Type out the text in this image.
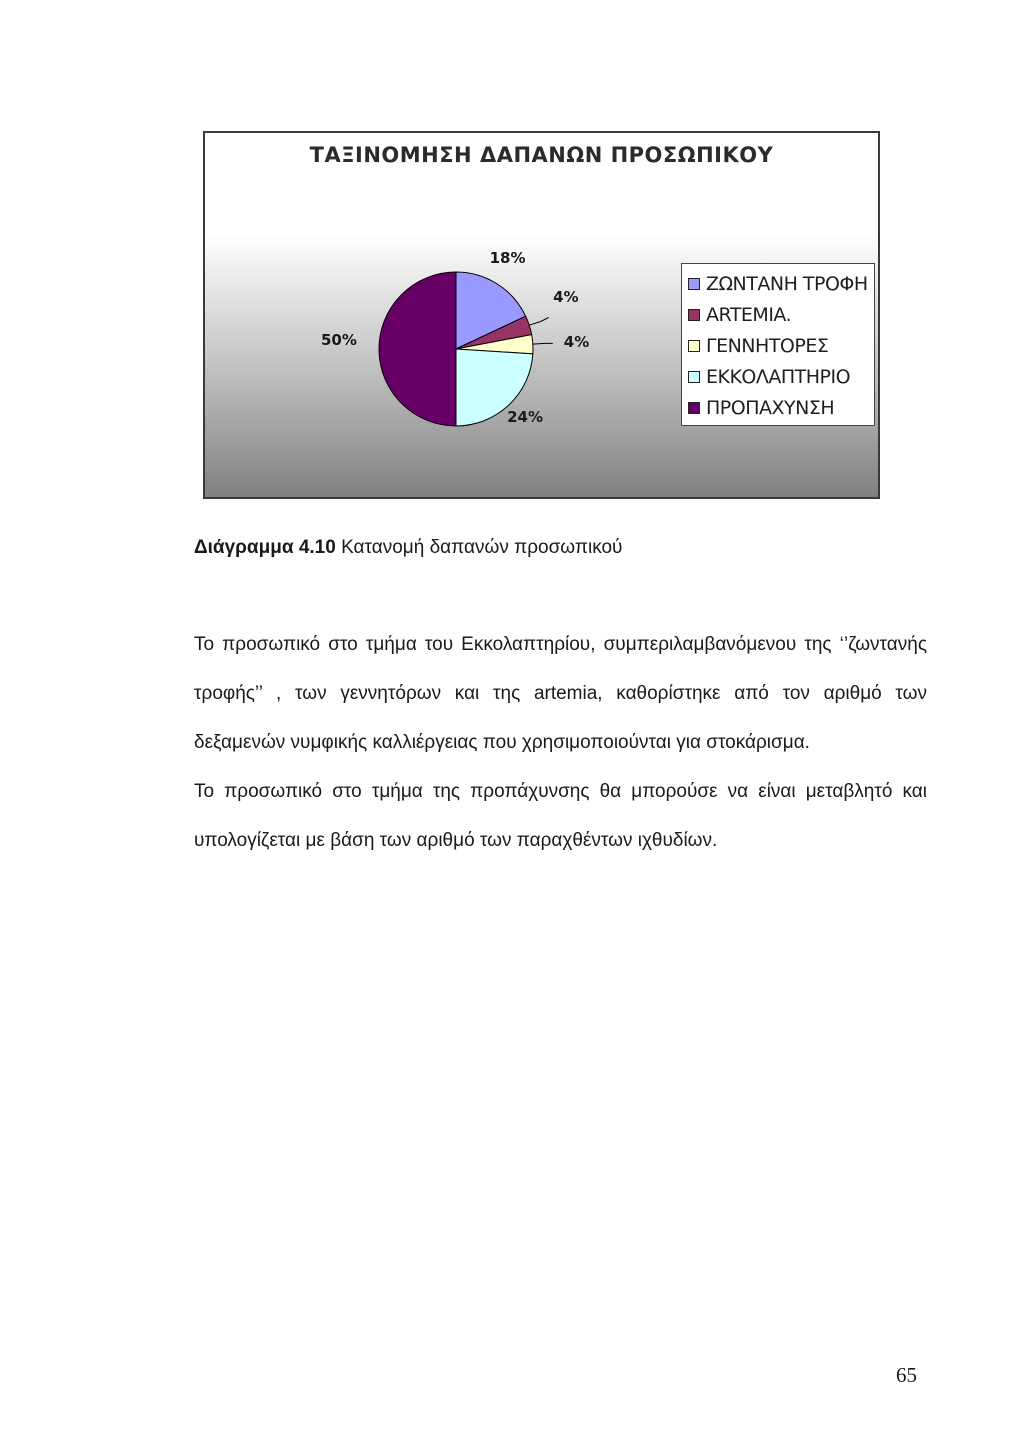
ΤΑΞΙΝΟΜΗΣΗ ΔΑΠΑΝΩΝ ΠΡΟΣΩΠΙΚΟΥ
18%
4%
4%
24%
50%
ΖΩΝΤΑΝΗ ΤΡΟΦΗ
ARTEMIA.
ΓΕΝΝΗΤΟΡΕΣ
ΕΚΚΟΛΑΠΤΗΡΙΟ
ΠΡΟΠΑΧΥΝΣΗ
Διάγραμμα 4.10 Κατανομή δαπανών προσωπικού

Το προσωπικό στο τμήμα του Εκκολαπτηρίου, συμπεριλαμβανόμενου της ‘’ζωντανής τροφής’’ , των γεννητόρων και της artemia, καθορίστηκε από τον αριθμό των δεξαμενών νυμφικής καλλιέργειας που χρησιμοποιούνται για στοκάρισμα.

Το προσωπικό στο τμήμα της προπάχυνσης θα μπορούσε να είναι μεταβλητό και υπολογίζεται με βάση των αριθμό των παραχθέντων ιχθυδίων.

65
